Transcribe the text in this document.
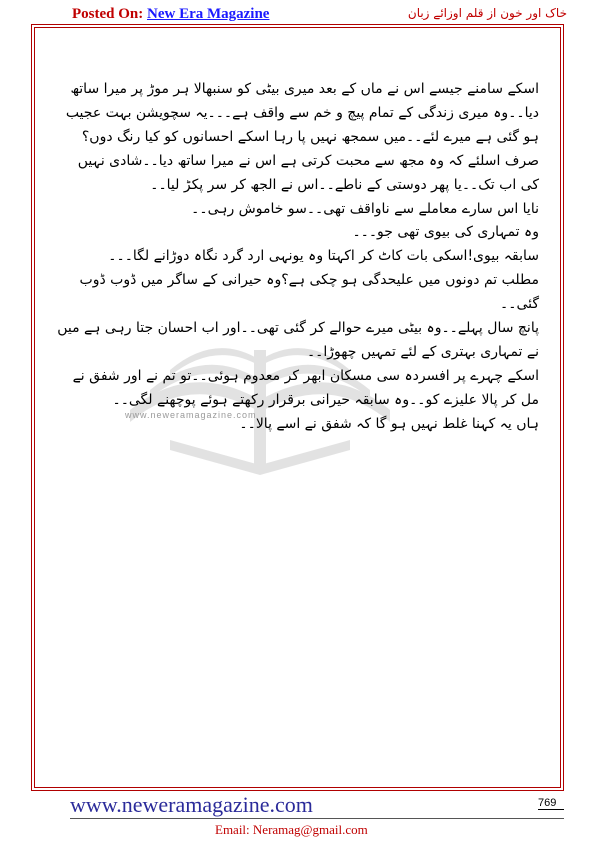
Posted On: New Era Magazine	خاک اور خون از قلم اوزائے زبان
www.neweramagazine.com

اسکے سامنے جیسے اس نے ماں کے بعد میری بیٹی کو سنبھالا ہر موڑ پر میرا ساتھ دیا۔۔وہ میری زندگی کے تمام پیچ و خم سے واقف ہے۔۔۔یہ سچویشن بہت عجیب ہو گئی ہے میرے لئے۔۔میں سمجھ نہیں پا رہا اسکے احسانوں کو کیا رنگ دوں؟صرف اسلئے کہ وہ مجھ سے محبت کرتی ہے اس نے میرا ساتھ دیا۔۔شادی نہیں کی اب تک۔۔یا پھر دوستی کے ناطے۔۔اس نے الجھ کر سر پکڑ لیا۔۔

نایا اس سارے معاملے سے ناواقف تھی۔۔سو خاموش رہی۔۔

وہ تمہاری کی بیوی تھی جو۔۔۔

سابقہ بیوی!اسکی بات کاٹ کر اکہتا وہ یونہی ارد گرد نگاہ دوڑانے لگا۔۔۔

مطلب تم دونوں میں علیحدگی ہو چکی ہے؟وہ حیرانی کے ساگر میں ڈوب ڈوب گئی۔۔

پانچ سال پہلے۔۔وہ بیٹی میرے حوالے کر گئی تھی۔۔اور اب احسان جتا رہی ہے میں نے تمہاری بہتری کے لئے تمہیں چھوڑا۔۔

اسکے چہرے پر افسردہ سی مسکان ابھر کر معدوم ہوئی۔۔تو تم نے اور شفق نے مل کر پالا علیزے کو۔۔وہ سابقہ حیرانی برقرار رکھتے ہوئے پوچھنے لگی۔۔

ہاں یہ کہنا غلط نہیں ہو گا کہ شفق نے اسے پالا۔۔

www.neweramagazine.com	769
Email: Neramag@gmail.com
